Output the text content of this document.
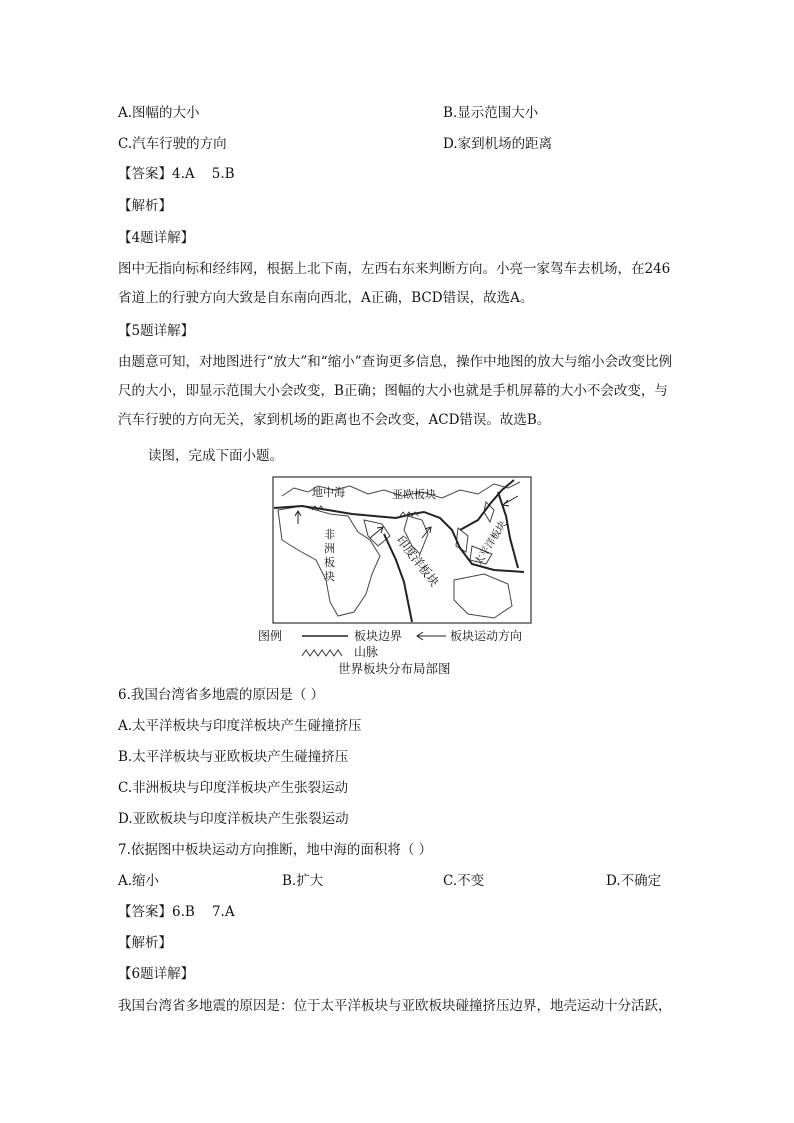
A.图幅的大小	B.显示范围大小
C.汽车行驶的方向	D.家到机场的距离
【答案】4.A    5.B
【解析】
【4题详解】
图中无指向标和经纬网，根据上北下南，左西右东来判断方向。小亮一家驾车去机场，在246省道上的行驶方向大致是自东南向西北，A正确，BCD错误，故选A。
【5题详解】
由题意可知，对地图进行“放大”和“缩小”查询更多信息，操作中地图的放大与缩小会改变比例尺的大小，即显示范围大小会改变，B正确；图幅的大小也就是手机屏幕的大小不会改变，与汽车行驶的方向无关，家到机场的距离也不会改变，ACD错误。故选B。
读图，完成下面小题。
地中海	亚欧板块
非
洲
板
块	印度洋板块	太平洋板块
图例	板块边界	板块运动方向
山脉
世界板块分布局部图
6.我国台湾省多地震的原因是（ ）
A.太平洋板块与印度洋板块产生碰撞挤压
B.太平洋板块与亚欧板块产生碰撞挤压
C.非洲板块与印度洋板块产生张裂运动
D.亚欧板块与印度洋板块产生张裂运动
7.依据图中板块运动方向推断，地中海的面积将（ ）
A.缩小	B.扩大	C.不变	D.不确定
【答案】6.B    7.A
【解析】
【6题详解】
我国台湾省多地震的原因是：位于太平洋板块与亚欧板块碰撞挤压边界，地壳运动十分活跃，
